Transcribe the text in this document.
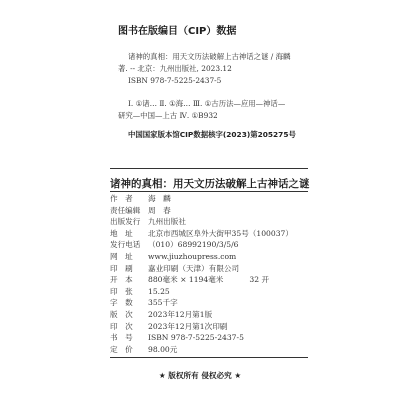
图书在版编目（CIP）数据
诸神的真相：用天文历法破解上古神话之谜 / 海麟
著. -- 北京：九州出版社, 2023.12
ISBN 978-7-5225-2437-5
Ⅰ. ①诸… Ⅱ. ①海… Ⅲ. ①古历法—应用—神话—
研究—中国—上古 Ⅳ. ①B932
中国国家版本馆CIP数据核字(2023)第205275号
诸神的真相：用天文历法破解上古神话之谜
作　者 海　麟
责任编辑 周　春
出版发行 九州出版社
地　址 北京市西城区阜外大街甲35号（100037）
发行电话 （010）68992190/3/5/6
网　址 www.jiuzhoupress.com
印　刷 嘉业印刷（天津）有限公司
开　本 880毫米 × 1194毫米	32 开
印　张 15.25
字　数 355千字
版　次 2023年12月第1版
印　次 2023年12月第1次印刷
书　号 ISBN 978-7-5225-2437-5
定　价 98.00元
★ 版权所有 侵权必究 ★
